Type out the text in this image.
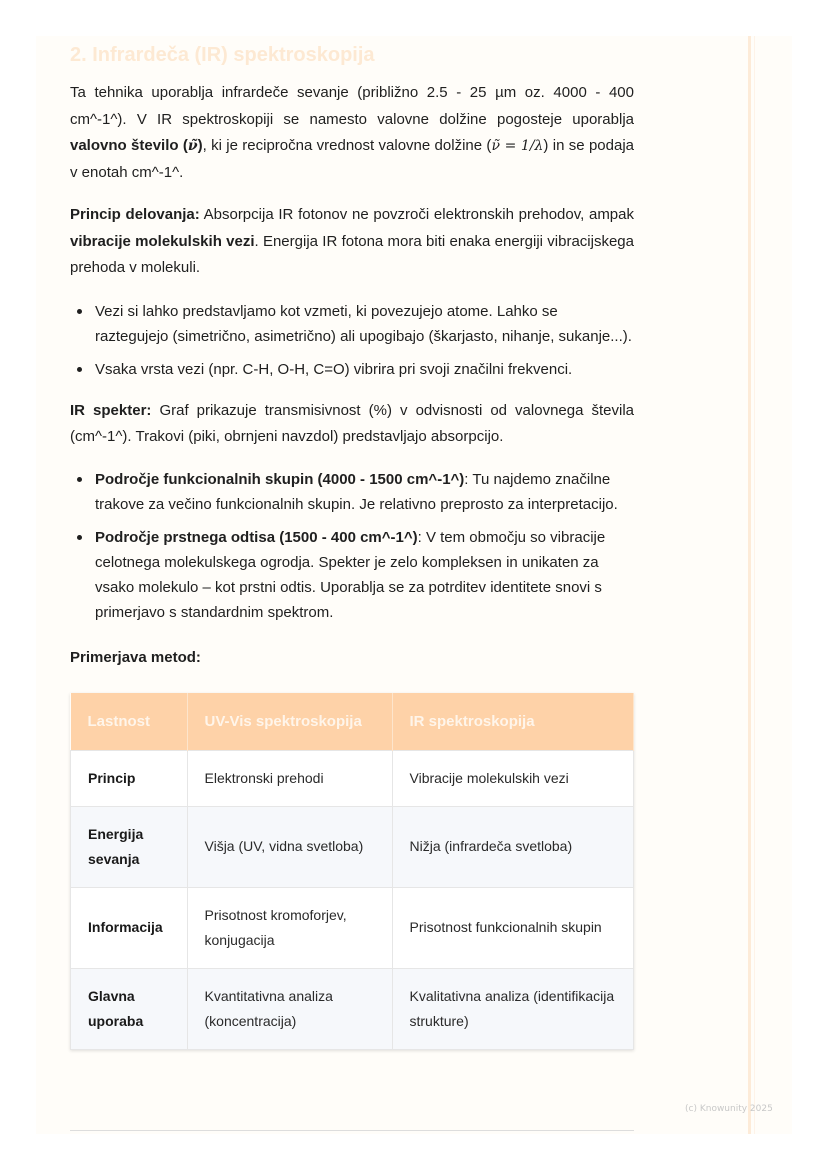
2. Infrardeča (IR) spektroskopija

Ta tehnika uporablja infrardeče sevanje (približno 2.5 - 25 µm oz. 4000 - 400 cm^-1^). V IR spektroskopiji se namesto valovne dolžine pogosteje uporablja valovno število (ν̃), ki je recipročna vrednost valovne dolžine (ν̃ = 1/λ) in se podaja v enotah cm^-1^.

Princip delovanja: Absorpcija IR fotonov ne povzroči elektronskih prehodov, ampak vibracije molekulskih vezi. Energija IR fotona mora biti enaka energiji vibracijskega prehoda v molekuli.

Vezi si lahko predstavljamo kot vzmeti, ki povezujejo atome. Lahko se raztegujejo (simetrično, asimetrično) ali upogibajo (škarjasto, nihanje, sukanje...).
Vsaka vrsta vezi (npr. C-H, O-H, C=O) vibrira pri svoji značilni frekvenci.

IR spekter: Graf prikazuje transmisivnost (%) v odvisnosti od valovnega števila (cm^-1^). Trakovi (piki, obrnjeni navzdol) predstavljajo absorpcijo.

Področje funkcionalnih skupin (4000 - 1500 cm^-1^): Tu najdemo značilne trakove za večino funkcionalnih skupin. Je relativno preprosto za interpretacijo.
Področje prstnega odtisa (1500 - 400 cm^-1^): V tem območju so vibracije celotnega molekulskega ogrodja. Spekter je zelo kompleksen in unikaten za vsako molekulo – kot prstni odtis. Uporablja se za potrditev identitete snovi s primerjavo s standardnim spektrom.
Primerjava metod:
Lastnost	UV-Vis spektroskopija	IR spektroskopija
Princip	Elektronski prehodi	Vibracije molekulskih vezi
Energija sevanja	Višja (UV, vidna svetloba)	Nižja (infrardeča svetloba)
Informacija	Prisotnost kromoforjev, konjugacija	Prisotnost funkcionalnih skupin
Glavna uporaba	Kvantitativna analiza (koncentracija)	Kvalitativna analiza (identifikacija strukture)
(c) Knowunity 2025
